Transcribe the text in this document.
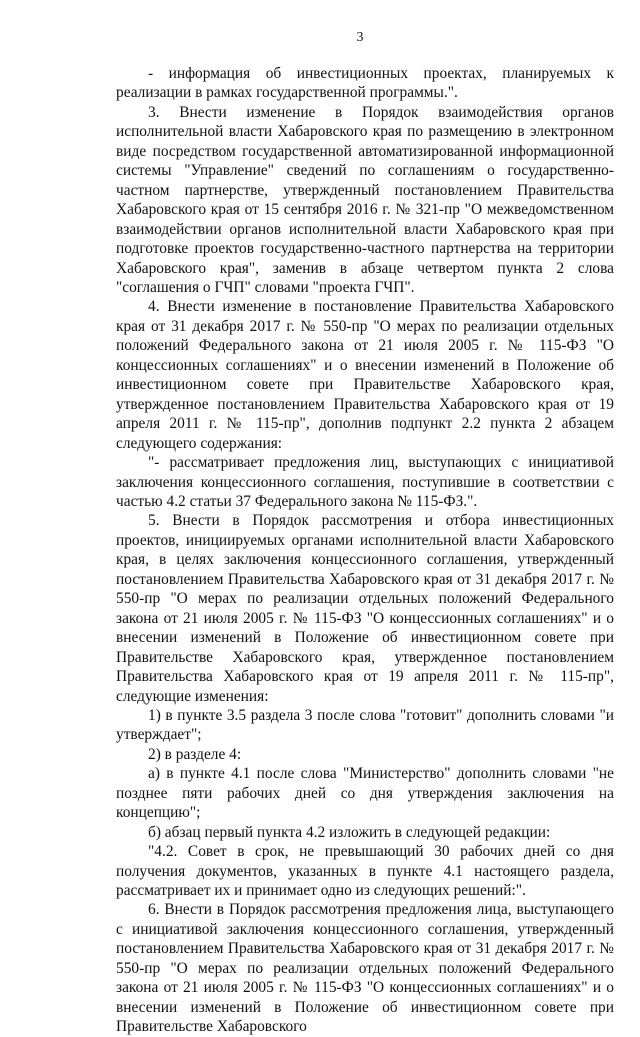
3

- информация об инвестиционных проектах, планируемых к реализации в рамках государственной программы.".

3. Внести изменение в Порядок взаимодействия органов исполнительной власти Хабаровского края по размещению в электронном виде посредством государственной автоматизированной информационной системы "Управление" сведений по соглашениям о государственно-частном партнерстве, утвержденный постановлением Правительства Хабаровского края от 15 сентября 2016 г. № 321-пр "О межведомственном взаимодействии органов исполнительной власти Хабаровского края при подготовке проектов государственно-частного партнерства на территории Хабаровского края", заменив в абзаце четвертом пункта 2 слова "соглашения о ГЧП" словами "проекта ГЧП".

4. Внести изменение в постановление Правительства Хабаровского края от 31 декабря 2017 г. № 550-пр "О мерах по реализации отдельных положений Федерального закона от 21 июля 2005 г. № 115-ФЗ "О концессионных соглашениях" и о внесении изменений в Положение об инвестиционном совете при Правительстве Хабаровского края, утвержденное постановлением Правительства Хабаровского края от 19 апреля 2011 г. № 115-пр", дополнив подпункт 2.2 пункта 2 абзацем следующего содержания:

"- рассматривает предложения лиц, выступающих с инициативой заключения концессионного соглашения, поступившие в соответствии с частью 4.2 статьи 37 Федерального закона № 115-ФЗ.".

5. Внести в Порядок рассмотрения и отбора инвестиционных проектов, инициируемых органами исполнительной власти Хабаровского края, в целях заключения концессионного соглашения, утвержденный постановлением Правительства Хабаровского края от 31 декабря 2017 г. № 550-пр "О мерах по реализации отдельных положений Федерального закона от 21 июля 2005 г. № 115-ФЗ "О концессионных соглашениях" и о внесении изменений в Положение об инвестиционном совете при Правительстве Хабаровского края, утвержденное постановлением Правительства Хабаровского края от 19 апреля 2011 г. № 115-пр", следующие изменения:

1) в пункте 3.5 раздела 3 после слова "готовит" дополнить словами "и утверждает";

2) в разделе 4:

а) в пункте 4.1 после слова "Министерство" дополнить словами "не позднее пяти рабочих дней со дня утверждения заключения на концепцию";

б) абзац первый пункта 4.2 изложить в следующей редакции:

"4.2. Совет в срок, не превышающий 30 рабочих дней со дня получения документов, указанных в пункте 4.1 настоящего раздела, рассматривает их и принимает одно из следующих решений:".

6. Внести в Порядок рассмотрения предложения лица, выступающего с инициативой заключения концессионного соглашения, утвержденный постановлением Правительства Хабаровского края от 31 декабря 2017 г. № 550-пр "О мерах по реализации отдельных положений Федерального закона от 21 июля 2005 г. № 115-ФЗ "О концессионных соглашениях" и о внесении изменений в Положение об инвестиционном совете при Правительстве Хабаровского
